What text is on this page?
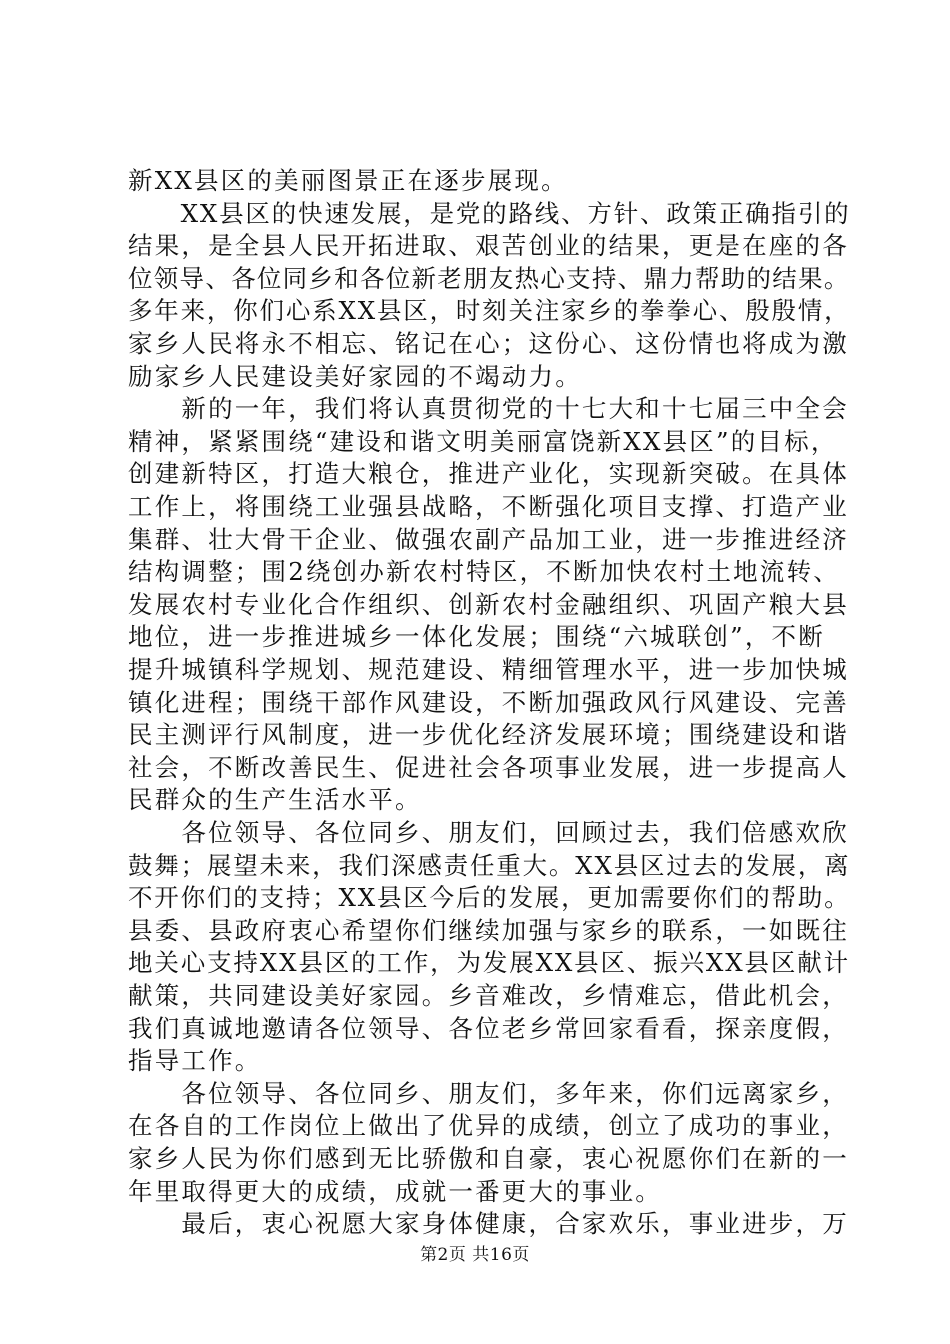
新XX县区的美丽图景正在逐步展现。
　　XX县区的快速发展，是党的路线、方针、政策正确指引的
结果，是全县人民开拓进取、艰苦创业的结果，更是在座的各
位领导、各位同乡和各位新老朋友热心支持、鼎力帮助的结果。
多年来，你们心系XX县区，时刻关注家乡的拳拳心、殷殷情，
家乡人民将永不相忘、铭记在心；这份心、这份情也将成为激
励家乡人民建设美好家园的不竭动力。
　　新的一年，我们将认真贯彻党的十七大和十七届三中全会
精神，紧紧围绕“建设和谐文明美丽富饶新XX县区”的目标，
创建新特区，打造大粮仓，推进产业化，实现新突破。在具体
工作上，将围绕工业强县战略，不断强化项目支撑、打造产业
集群、壮大骨干企业、做强农副产品加工业，进一步推进经济
结构调整；围2绕创办新农村特区，不断加快农村土地流转、
发展农村专业化合作组织、创新农村金融组织、巩固产粮大县
地位，进一步推进城乡一体化发展；围绕“六城联创”，不断
提升城镇科学规划、规范建设、精细管理水平，进一步加快城
镇化进程；围绕干部作风建设，不断加强政风行风建设、完善
民主测评行风制度，进一步优化经济发展环境；围绕建设和谐
社会，不断改善民生、促进社会各项事业发展，进一步提高人
民群众的生产生活水平。
　　各位领导、各位同乡、朋友们，回顾过去，我们倍感欢欣
鼓舞；展望未来，我们深感责任重大。XX县区过去的发展，离
不开你们的支持；XX县区今后的发展，更加需要你们的帮助。
县委、县政府衷心希望你们继续加强与家乡的联系，一如既往
地关心支持XX县区的工作，为发展XX县区、振兴XX县区献计
献策，共同建设美好家园。乡音难改，乡情难忘，借此机会，
我们真诚地邀请各位领导、各位老乡常回家看看，探亲度假，
指导工作。
　　各位领导、各位同乡、朋友们，多年来，你们远离家乡，
在各自的工作岗位上做出了优异的成绩，创立了成功的事业，
家乡人民为你们感到无比骄傲和自豪，衷心祝愿你们在新的一
年里取得更大的成绩，成就一番更大的事业。
　　最后，衷心祝愿大家身体健康，合家欢乐，事业进步，万
第2页 共16页
